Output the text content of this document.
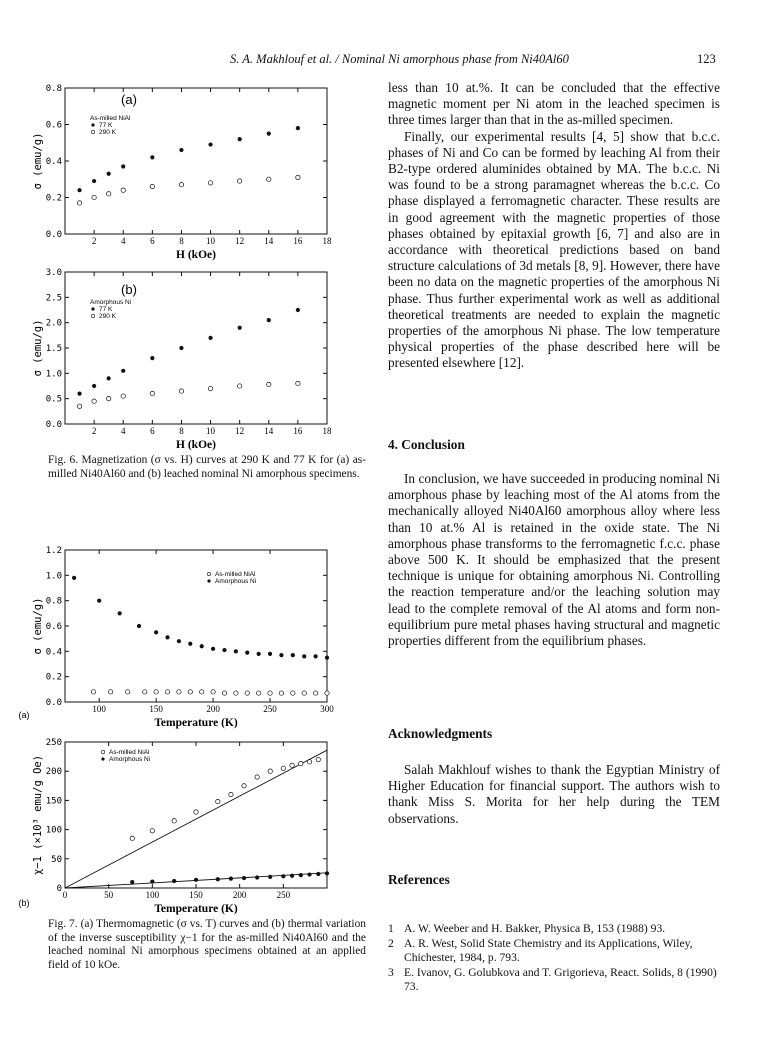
S. A. Makhlouf et al. / Nominal Ni amorphous phase from Ni40Al60	123

less than 10 at.%. It can be concluded that the effective magnetic moment per Ni atom in the leached specimen is three times larger than that in the as-milled specimen.

Finally, our experimental results [4, 5] show that b.c.c. phases of Ni and Co can be formed by leaching Al from their B2-type ordered aluminides obtained by MA. The b.c.c. Ni was found to be a strong paramagnet whereas the b.c.c. Co phase displayed a ferromagnetic character. These results are in good agreement with the magnetic properties of those phases obtained by epitaxial growth [6, 7] and also are in accordance with theoretical predictions based on band structure calculations of 3d metals [8, 9]. However, there have been no data on the magnetic properties of the amorphous Ni phase. Thus further experimental work as well as additional theoretical treatments are needed to explain the magnetic properties of the amorphous Ni phase. The low temperature physical properties of the phase described here will be presented elsewhere [12].

4. Conclusion

In conclusion, we have succeeded in producing nominal Ni amorphous phase by leaching most of the Al atoms from the mechanically alloyed Ni40Al60 amorphous alloy where less than 10 at.% Al is retained in the oxide state. The Ni amorphous phase transforms to the ferromagnetic f.c.c. phase above 500 K. It should be emphasized that the present technique is unique for obtaining amorphous Ni. Controlling the reaction temperature and/or the leaching solution may lead to the complete removal of the Al atoms and form non-equilibrium pure metal phases having structural and magnetic properties different from the equilibrium phases.

Acknowledgments

Salah Makhlouf wishes to thank the Egyptian Ministry of Higher Education for financial support. The authors wish to thank Miss S. Morita for her help during the TEM observations.

References
1 A. W. Weeber and H. Bakker, Physica B, 153 (1988) 93.
2 A. R. West, Solid State Chemistry and its Applications, Wiley, Chichester, 1984, p. 793.
3 E. Ivanov, G. Golubkova and T. Grigorieva, React. Solids, 8 (1990) 73.
Fig. 6. Magnetization (σ vs. H) curves at 290 K and 77 K for (a) as-milled Ni40Al60 and (b) leached nominal Ni amorphous specimens.
Fig. 7. (a) Thermomagnetic (σ vs. T) curves and (b) thermal variation of the inverse susceptibility χ−1 for the as-milled Ni40Al60 and the leached nominal Ni amorphous specimens obtained at an applied field of 10 kOe.
2	4	6	8 10 12 14 16 18
0.0
0.2
0.4
0.6
0.8
H (kOe)
σ (emu/g)
(a)
As-milled NiAl
77 K
290 K
2	4	6	8 10 12 14 16 18
0.0
0.5
1.0
1.5
2.0
2.5
3.0
H (kOe)
σ (emu/g)
(b)
Amorphous Ni
77 K
290 K
100	150	200	250	300
0.0
0.2
0.4
0.6
0.8
1.0
1.2
Temperature (K)
σ (emu/g)
(a)
As-milled NiAl
Amorphous Ni
0	50	100	150	200	250
0
50
100
150
200
250
Temperature (K)
χ−1 (×10³ emu/g Oe)
(b)
As-milled NiAl
Amorphous Ni
